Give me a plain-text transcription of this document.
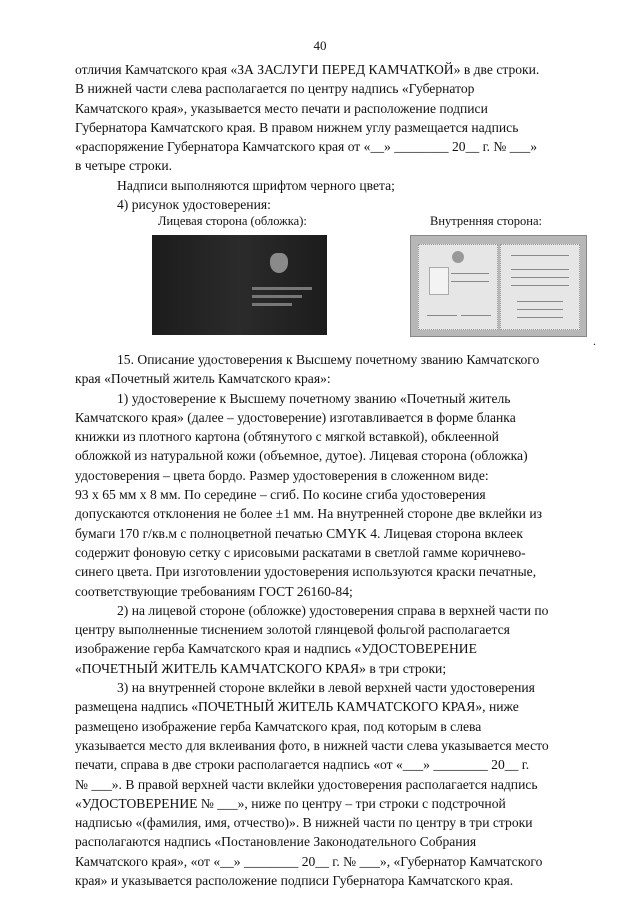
40
отличия Камчатского края «ЗА ЗАСЛУГИ ПЕРЕД КАМЧАТКОЙ» в две строки.
В нижней части слева располагается по центру надпись «Губернатор
Камчатского края», указывается место печати и расположение подписи
Губернатора Камчатского края. В правом нижнем углу размещается надпись
«распоряжение Губернатора Камчатского края от «__» ________ 20__ г. № ___»
в четыре строки.
Надписи выполняются шрифтом черного цвета;
4) рисунок удостоверения:
Лицевая сторона (обложка):	Внутренняя сторона:
.
15. Описание удостоверения к Высшему почетному званию Камчатского
края «Почетный житель Камчатского края»:
1) удостоверение к Высшему почетному званию «Почетный житель
Камчатского края» (далее – удостоверение) изготавливается в форме бланка
книжки из плотного картона (обтянутого с мягкой вставкой), обклеенной
обложкой из натуральной кожи (объемное, дутое). Лицевая сторона (обложка)
удостоверения – цвета бордо. Размер удостоверения в сложенном виде:
93 х 65 мм х 8 мм. По середине – сгиб. По косине сгиба удостоверения
допускаются отклонения не более ±1 мм. На внутренней стороне две вклейки из
бумаги 170 г/кв.м с полноцветной печатью CMYK 4. Лицевая сторона вклеек
содержит фоновую сетку с ирисовыми раскатами в светлой гамме коричнево-
синего цвета. При изготовлении удостоверения используются краски печатные,
соответствующие требованиям ГОСТ 26160-84;
2) на лицевой стороне (обложке) удостоверения справа в верхней части по
центру выполненные тиснением золотой глянцевой фольгой располагается
изображение герба Камчатского края и надпись «УДОСТОВЕРЕНИЕ
«ПОЧЕТНЫЙ ЖИТЕЛЬ КАМЧАТСКОГО КРАЯ» в три строки;
3) на внутренней стороне вклейки в левой верхней части удостоверения
размещена надпись «ПОЧЕТНЫЙ ЖИТЕЛЬ КАМЧАТСКОГО КРАЯ», ниже
размещено изображение герба Камчатского края, под которым в слева
указывается место для вклеивания фото, в нижней части слева указывается место
печати, справа в две строки располагается надпись «от «___» ________ 20__ г.
№ ___». В правой верхней части вклейки удостоверения располагается надпись
«УДОСТОВЕРЕНИЕ № ___», ниже по центру – три строки с подстрочной
надписью «(фамилия, имя, отчество)». В нижней части по центру в три строки
располагаются надпись «Постановление Законодательного Собрания
Камчатского края», «от «__» ________ 20__ г. № ___», «Губернатор Камчатского
края» и указывается расположение подписи Губернатора Камчатского края.
